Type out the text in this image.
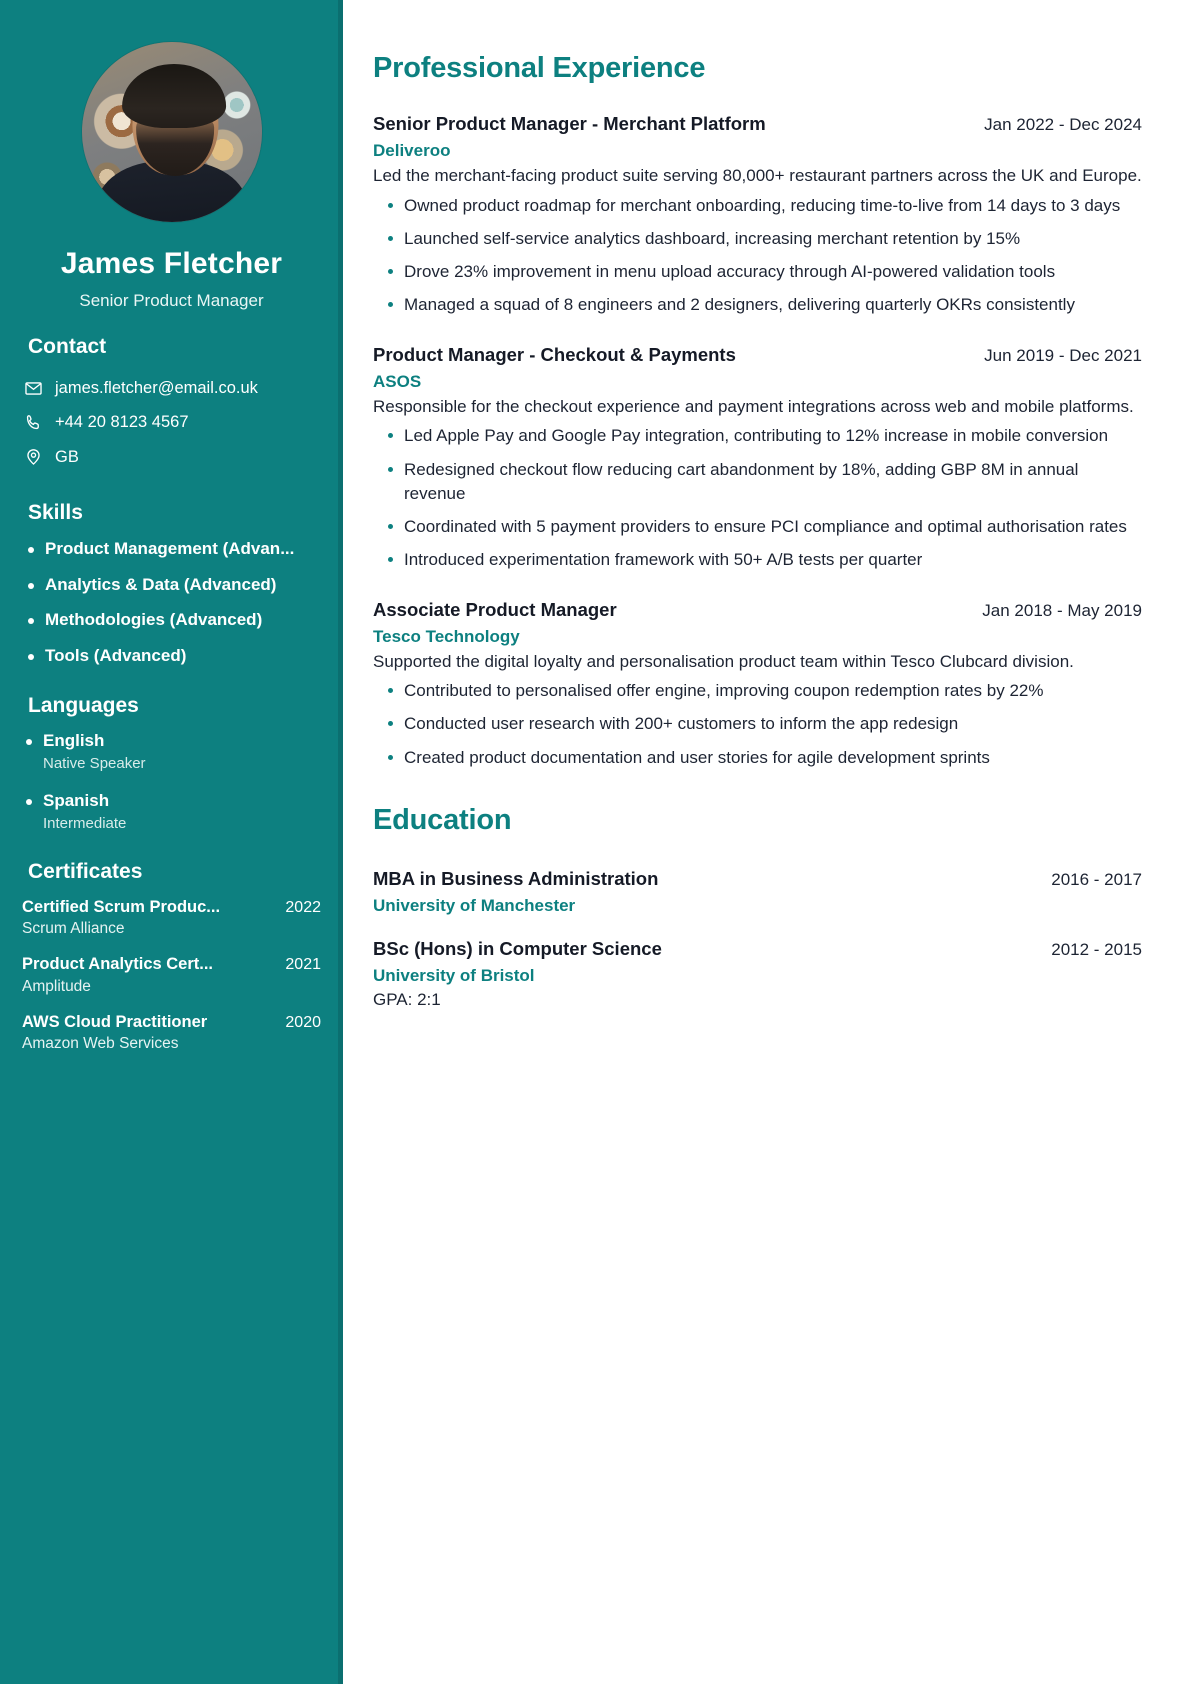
James Fletcher
Senior Product Manager
Contact
james.fletcher@email.co.uk
+44 20 8123 4567
GB
Skills
Product Management (Advan...
Analytics & Data (Advanced)
Methodologies (Advanced)
Tools (Advanced)
Languages
English
Native Speaker
Spanish
Intermediate
Certificates
Certified Scrum Produc...	2022
Scrum Alliance
Product Analytics Cert...	2021
Amplitude
AWS Cloud Practitioner	2020
Amazon Web Services
Professional Experience
Senior Product Manager - Merchant Platform	Jan 2022 - Dec 2024
Deliveroo

Led the merchant-facing product suite serving 80,000+ restaurant partners across the UK and Europe.

Owned product roadmap for merchant onboarding, reducing time-to-live from 14 days to 3 days
Launched self-service analytics dashboard, increasing merchant retention by 15%
Drove 23% improvement in menu upload accuracy through AI-powered validation tools
Managed a squad of 8 engineers and 2 designers, delivering quarterly OKRs consistently
Product Manager - Checkout & Payments	Jun 2019 - Dec 2021
ASOS

Responsible for the checkout experience and payment integrations across web and mobile platforms.

Led Apple Pay and Google Pay integration, contributing to 12% increase in mobile conversion
Redesigned checkout flow reducing cart abandonment by 18%, adding GBP 8M in annual revenue
Coordinated with 5 payment providers to ensure PCI compliance and optimal authorisation rates
Introduced experimentation framework with 50+ A/B tests per quarter
Associate Product Manager	Jan 2018 - May 2019
Tesco Technology

Supported the digital loyalty and personalisation product team within Tesco Clubcard division.

Contributed to personalised offer engine, improving coupon redemption rates by 22%
Conducted user research with 200+ customers to inform the app redesign
Created product documentation and user stories for agile development sprints
Education
MBA in Business Administration	2016 - 2017
University of Manchester
BSc (Hons) in Computer Science	2012 - 2015
University of Bristol
GPA: 2:1
